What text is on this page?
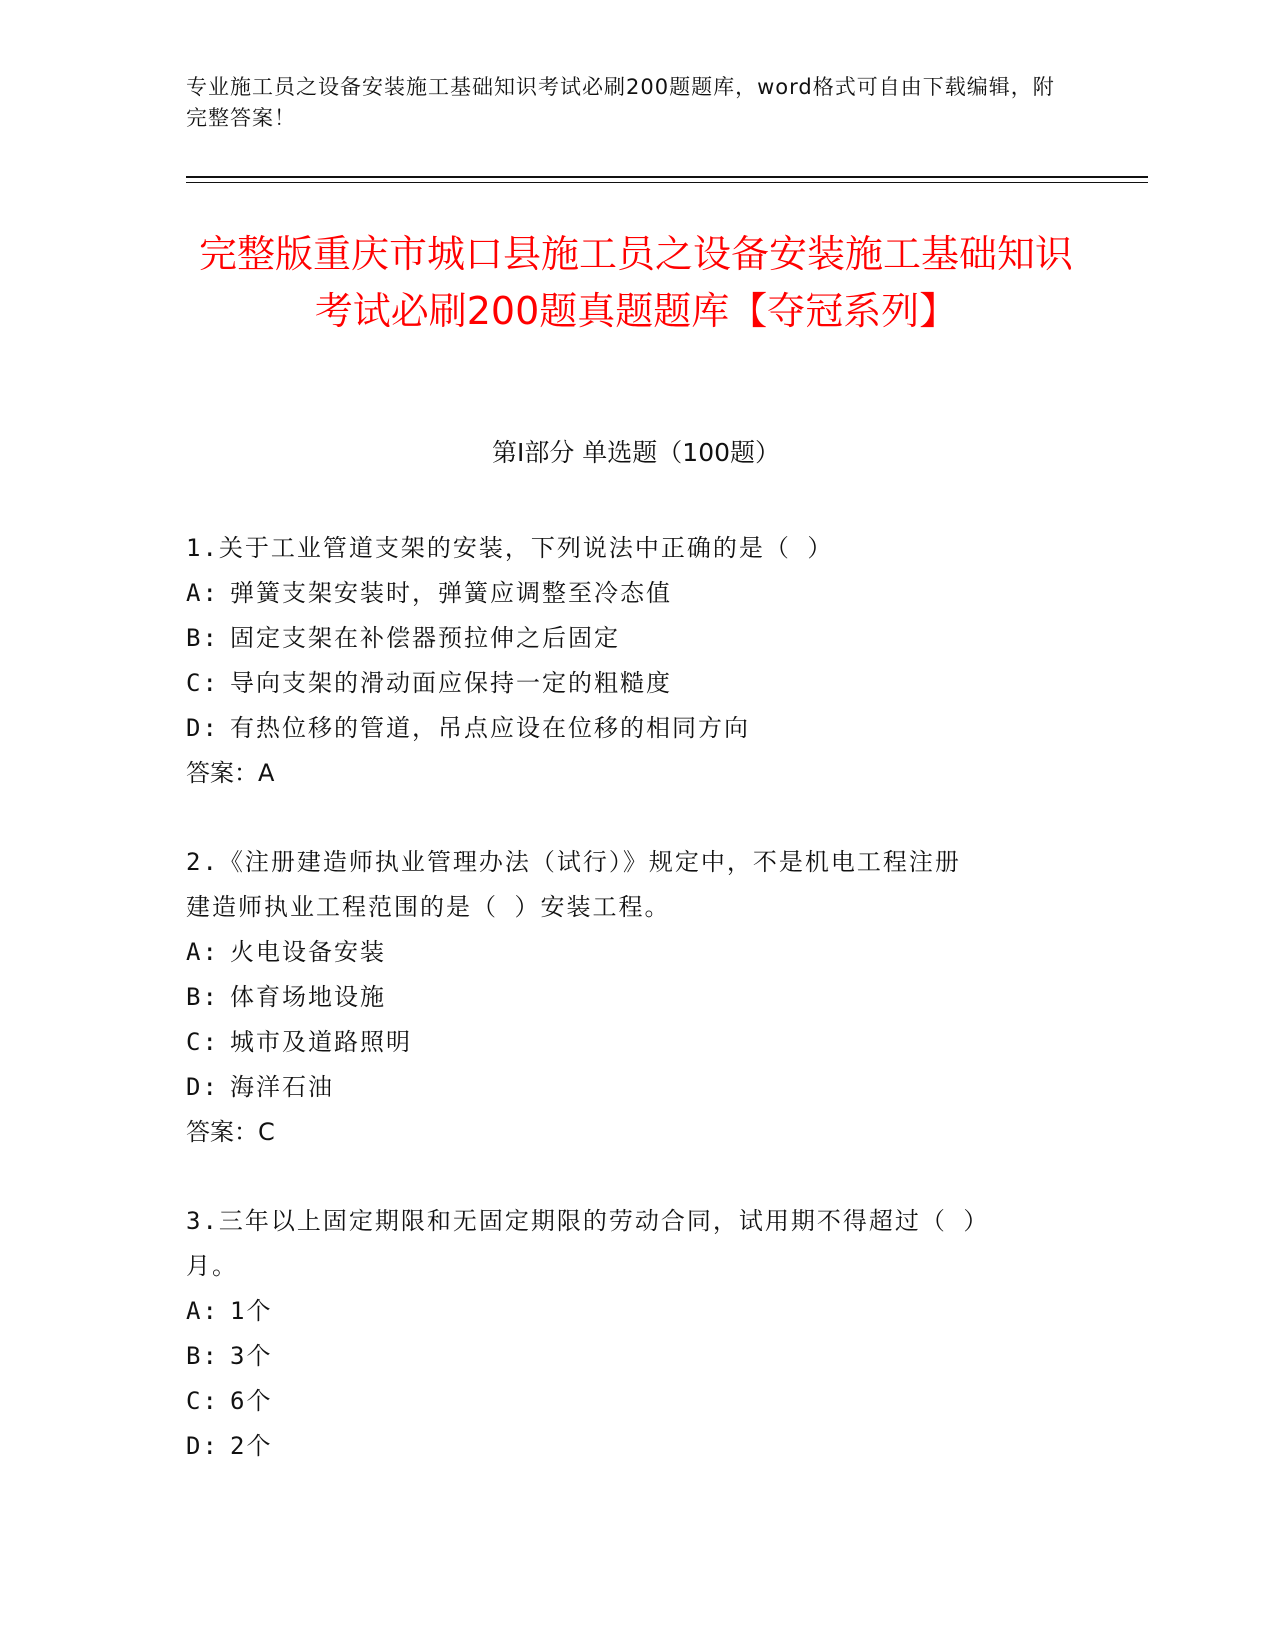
专业施工员之设备安装施工基础知识考试必刷200题题库，word格式可自由下载编辑，附完整答案！
完整版重庆市城口县施工员之设备安装施工基础知识考试必刷200题真题题库【夺冠系列】
第Ⅰ部分 单选题（100题）

1.关于工业管道支架的安装，下列说法中正确的是（ ）

A: 弹簧支架安装时，弹簧应调整至冷态值

B: 固定支架在补偿器预拉伸之后固定

C: 导向支架的滑动面应保持一定的粗糙度

D: 有热位移的管道，吊点应设在位移的相同方向

答案：A

2.《注册建造师执业管理办法（试行）》规定中，不是机电工程注册

建造师执业工程范围的是（ ）安装工程。

A: 火电设备安装

B: 体育场地设施

C: 城市及道路照明

D: 海洋石油

答案：C

3.三年以上固定期限和无固定期限的劳动合同，试用期不得超过（ ）

月。

A: 1个

B: 3个

C: 6个

D: 2个
